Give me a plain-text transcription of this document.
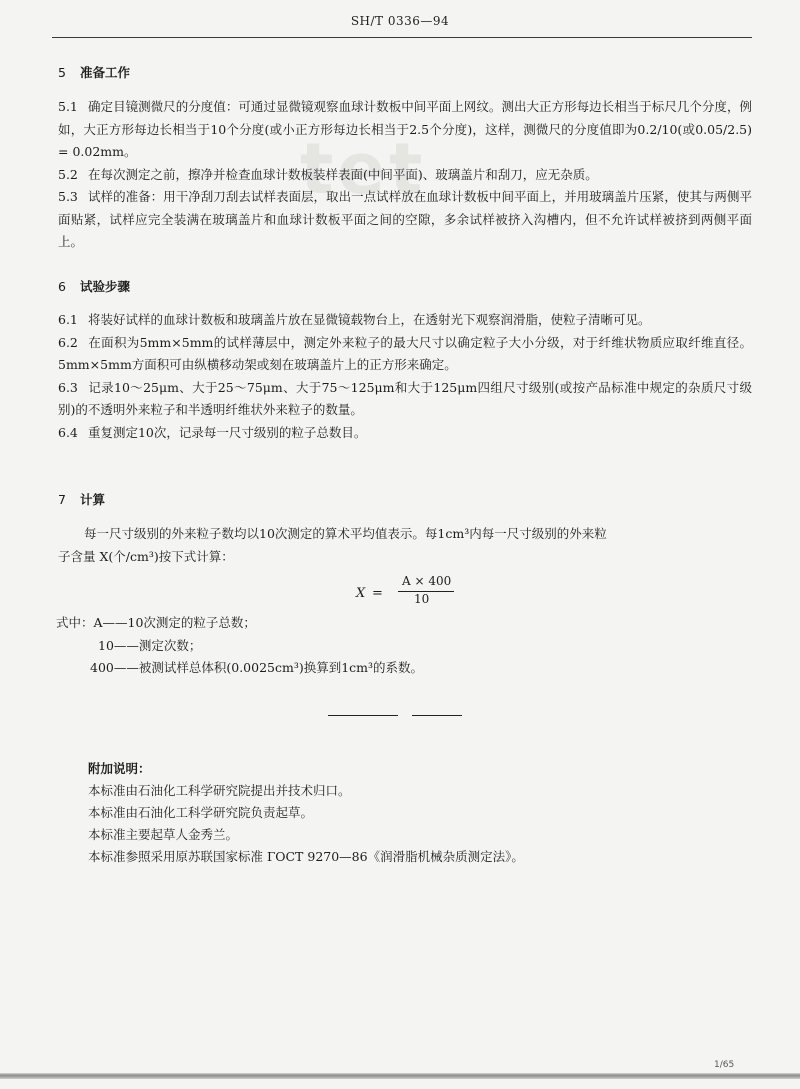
tet
SH/T 0336—94
5 准备工作

5.1 确定目镜测微尺的分度值：可通过显微镜观察血球计数板中间平面上网纹。测出大正方形每边长相当于标尺几个分度，例如，大正方形每边长相当于10个分度(或小正方形每边长相当于2.5个分度)，这样，测微尺的分度值即为0.2/10(或0.05/2.5) = 0.02mm。

5.2 在每次测定之前，擦净并检查血球计数板装样表面(中间平面)、玻璃盖片和刮刀，应无杂质。

5.3 试样的准备：用干净刮刀刮去试样表面层，取出一点试样放在血球计数板中间平面上，并用玻璃盖片压紧，使其与两侧平面贴紧，试样应完全装满在玻璃盖片和血球计数板平面之间的空隙，多余试样被挤入沟槽内，但不允许试样被挤到两侧平面上。

6 试验步骤

6.1 将装好试样的血球计数板和玻璃盖片放在显微镜载物台上，在透射光下观察润滑脂，使粒子清晰可见。

6.2 在面积为5mm×5mm的试样薄层中，测定外来粒子的最大尺寸以确定粒子大小分级，对于纤维状物质应取纤维直径。5mm×5mm方面积可由纵横移动架或刻在玻璃盖片上的正方形来确定。

6.3 记录10～25μm、大于25～75μm、大于75～125μm和大于125μm四组尺寸级别(或按产品标准中规定的杂质尺寸级别)的不透明外来粒子和半透明纤维状外来粒子的数量。

6.4 重复测定10次，记录每一尺寸级别的粒子总数目。

7 计算
每一尺寸级别的外来粒子数均以10次测定的算术平均值表示。每1cm³内每一尺寸级别的外来粒
子含量 X(个/cm³)按下式计算：
X =
A × 400
10
式中：A——10次测定的粒子总数；
10——测定次数；
400——被测试样总体积(0.0025cm³)换算到1cm³的系数。
附加说明：
本标准由石油化工科学研究院提出并技术归口。
本标准由石油化工科学研究院负责起草。
本标准主要起草人金秀兰。
本标准参照采用原苏联国家标准 ГОСТ 9270—86《润滑脂机械杂质测定法》。
1/65
